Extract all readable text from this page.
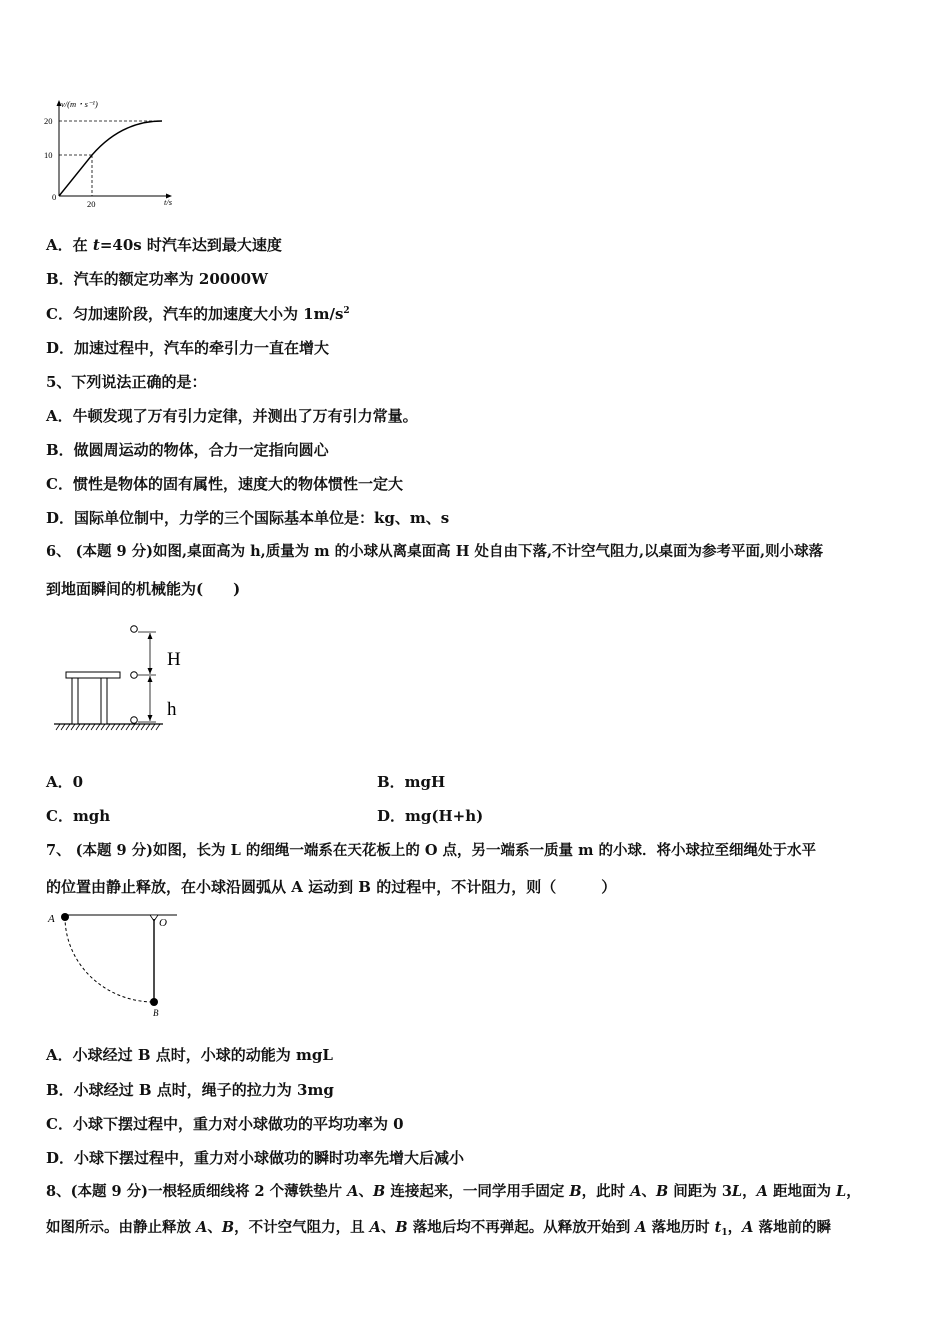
v/(m・s⁻¹)
20
10
0
20	t/s
A．在 t=40s 时汽车达到最大速度
B．汽车的额定功率为 20000W
C．匀加速阶段，汽车的加速度大小为 $1m/s^2$
D．加速过程中，汽车的牵引力一直在增大
5、下列说法正确的是：
A．牛顿发现了万有引力定律，并测出了万有引力常量。
B．做圆周运动的物体，合力一定指向圆心
C．惯性是物体的固有属性，速度大的物体惯性一定大
D．国际单位制中，力学的三个国际基本单位是：kg、m、s
6、 (本题 9 分)如图,桌面高为 h,质量为 m 的小球从离桌面高 H 处自由下落,不计空气阻力,以桌面为参考平面,则小球落
到地面瞬间的机械能为(　　)
H
h
A．0	B．mgH
C．mgh	D．mg(H+h)
7、 (本题 9 分)如图，长为 L 的细绳一端系在天花板上的 O 点，另一端系一质量 m 的小球．将小球拉至细绳处于水平
的位置由静止释放，在小球沿圆弧从 A 运动到 B 的过程中，不计阻力，则（　　　）
A	O
B
A．小球经过 B 点时，小球的动能为 mgL
B．小球经过 B 点时，绳子的拉力为 3mg
C．小球下摆过程中，重力对小球做功的平均功率为 0
D．小球下摆过程中，重力对小球做功的瞬时功率先增大后减小
8、(本题 9 分)一根轻质细线将 2 个薄铁垫片 A、B 连接起来，一同学用手固定 B，此时 A、B 间距为 3L，A 距地面为 L，
如图所示。由静止释放 A、B，不计空气阻力，且 A、B 落地后均不再弹起。从释放开始到 A 落地历时 $t_1$，A 落地前的瞬
